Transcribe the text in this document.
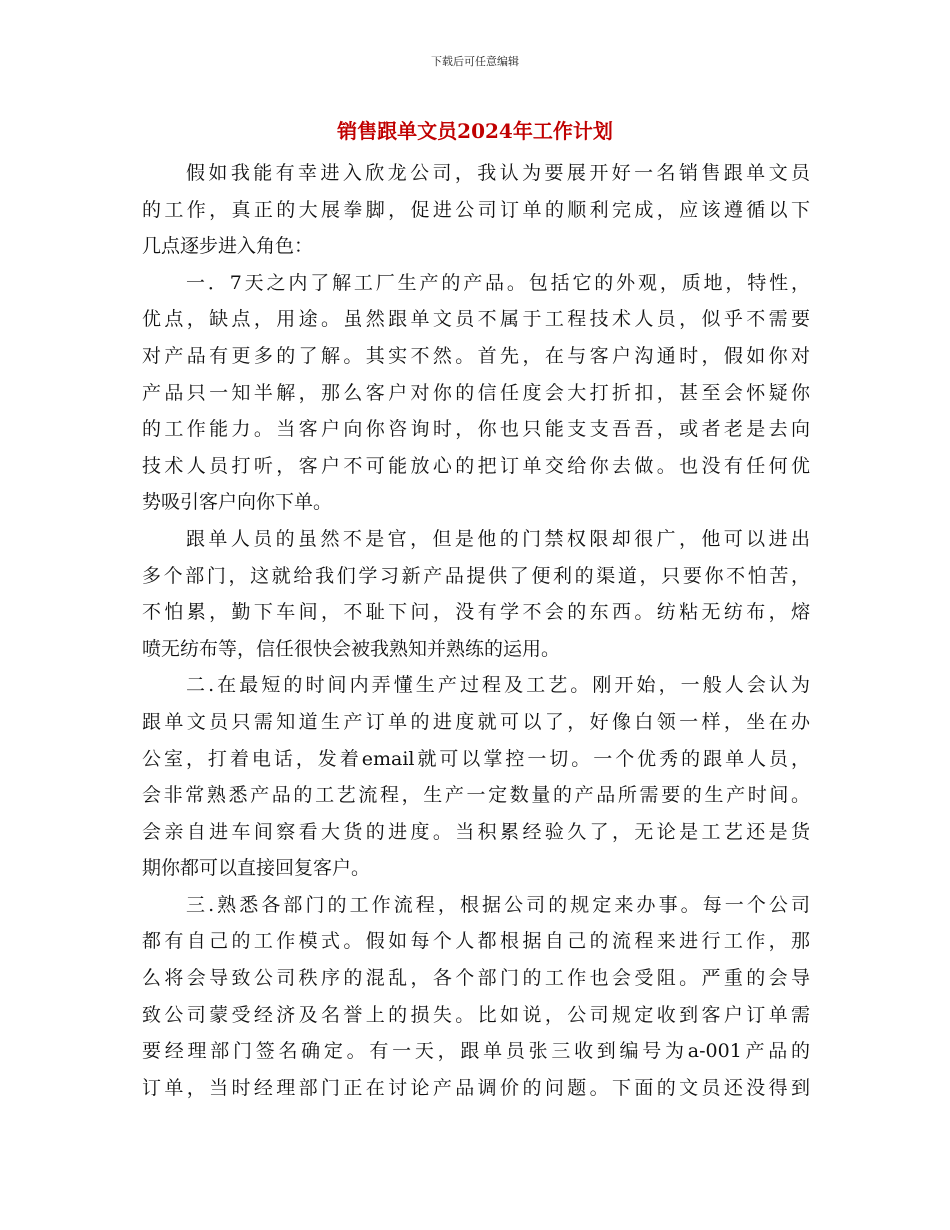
下载后可任意编辑
销售跟单文员2024年工作计划
假如我能有幸进入欣龙公司，我认为要展开好一名销售跟单文员
的工作，真正的大展拳脚，促进公司订单的顺利完成，应该遵循以下
几点逐步进入角色：
一．7天之内了解工厂生产的产品。包括它的外观，质地，特性，
优点，缺点，用途。虽然跟单文员不属于工程技术人员，似乎不需要
对产品有更多的了解。其实不然。首先，在与客户沟通时，假如你对
产品只一知半解，那么客户对你的信任度会大打折扣，甚至会怀疑你
的工作能力。当客户向你咨询时，你也只能支支吾吾，或者老是去向
技术人员打听，客户不可能放心的把订单交给你去做。也没有任何优
势吸引客户向你下单。
跟单人员的虽然不是官，但是他的门禁权限却很广，他可以进出
多个部门，这就给我们学习新产品提供了便利的渠道，只要你不怕苦，
不怕累，勤下车间，不耻下问，没有学不会的东西。纺粘无纺布，熔
喷无纺布等，信任很快会被我熟知并熟练的运用。
二.在最短的时间内弄懂生产过程及工艺。刚开始，一般人会认为
跟单文员只需知道生产订单的进度就可以了，好像白领一样，坐在办
公室，打着电话，发着email就可以掌控一切。一个优秀的跟单人员，
会非常熟悉产品的工艺流程，生产一定数量的产品所需要的生产时间。
会亲自进车间察看大货的进度。当积累经验久了，无论是工艺还是货
期你都可以直接回复客户。
三.熟悉各部门的工作流程，根据公司的规定来办事。每一个公司
都有自己的工作模式。假如每个人都根据自己的流程来进行工作，那
么将会导致公司秩序的混乱，各个部门的工作也会受阻。严重的会导
致公司蒙受经济及名誉上的损失。比如说，公司规定收到客户订单需
要经理部门签名确定。有一天，跟单员张三收到编号为a-001产品的
订单，当时经理部门正在讨论产品调价的问题。下面的文员还没得到
